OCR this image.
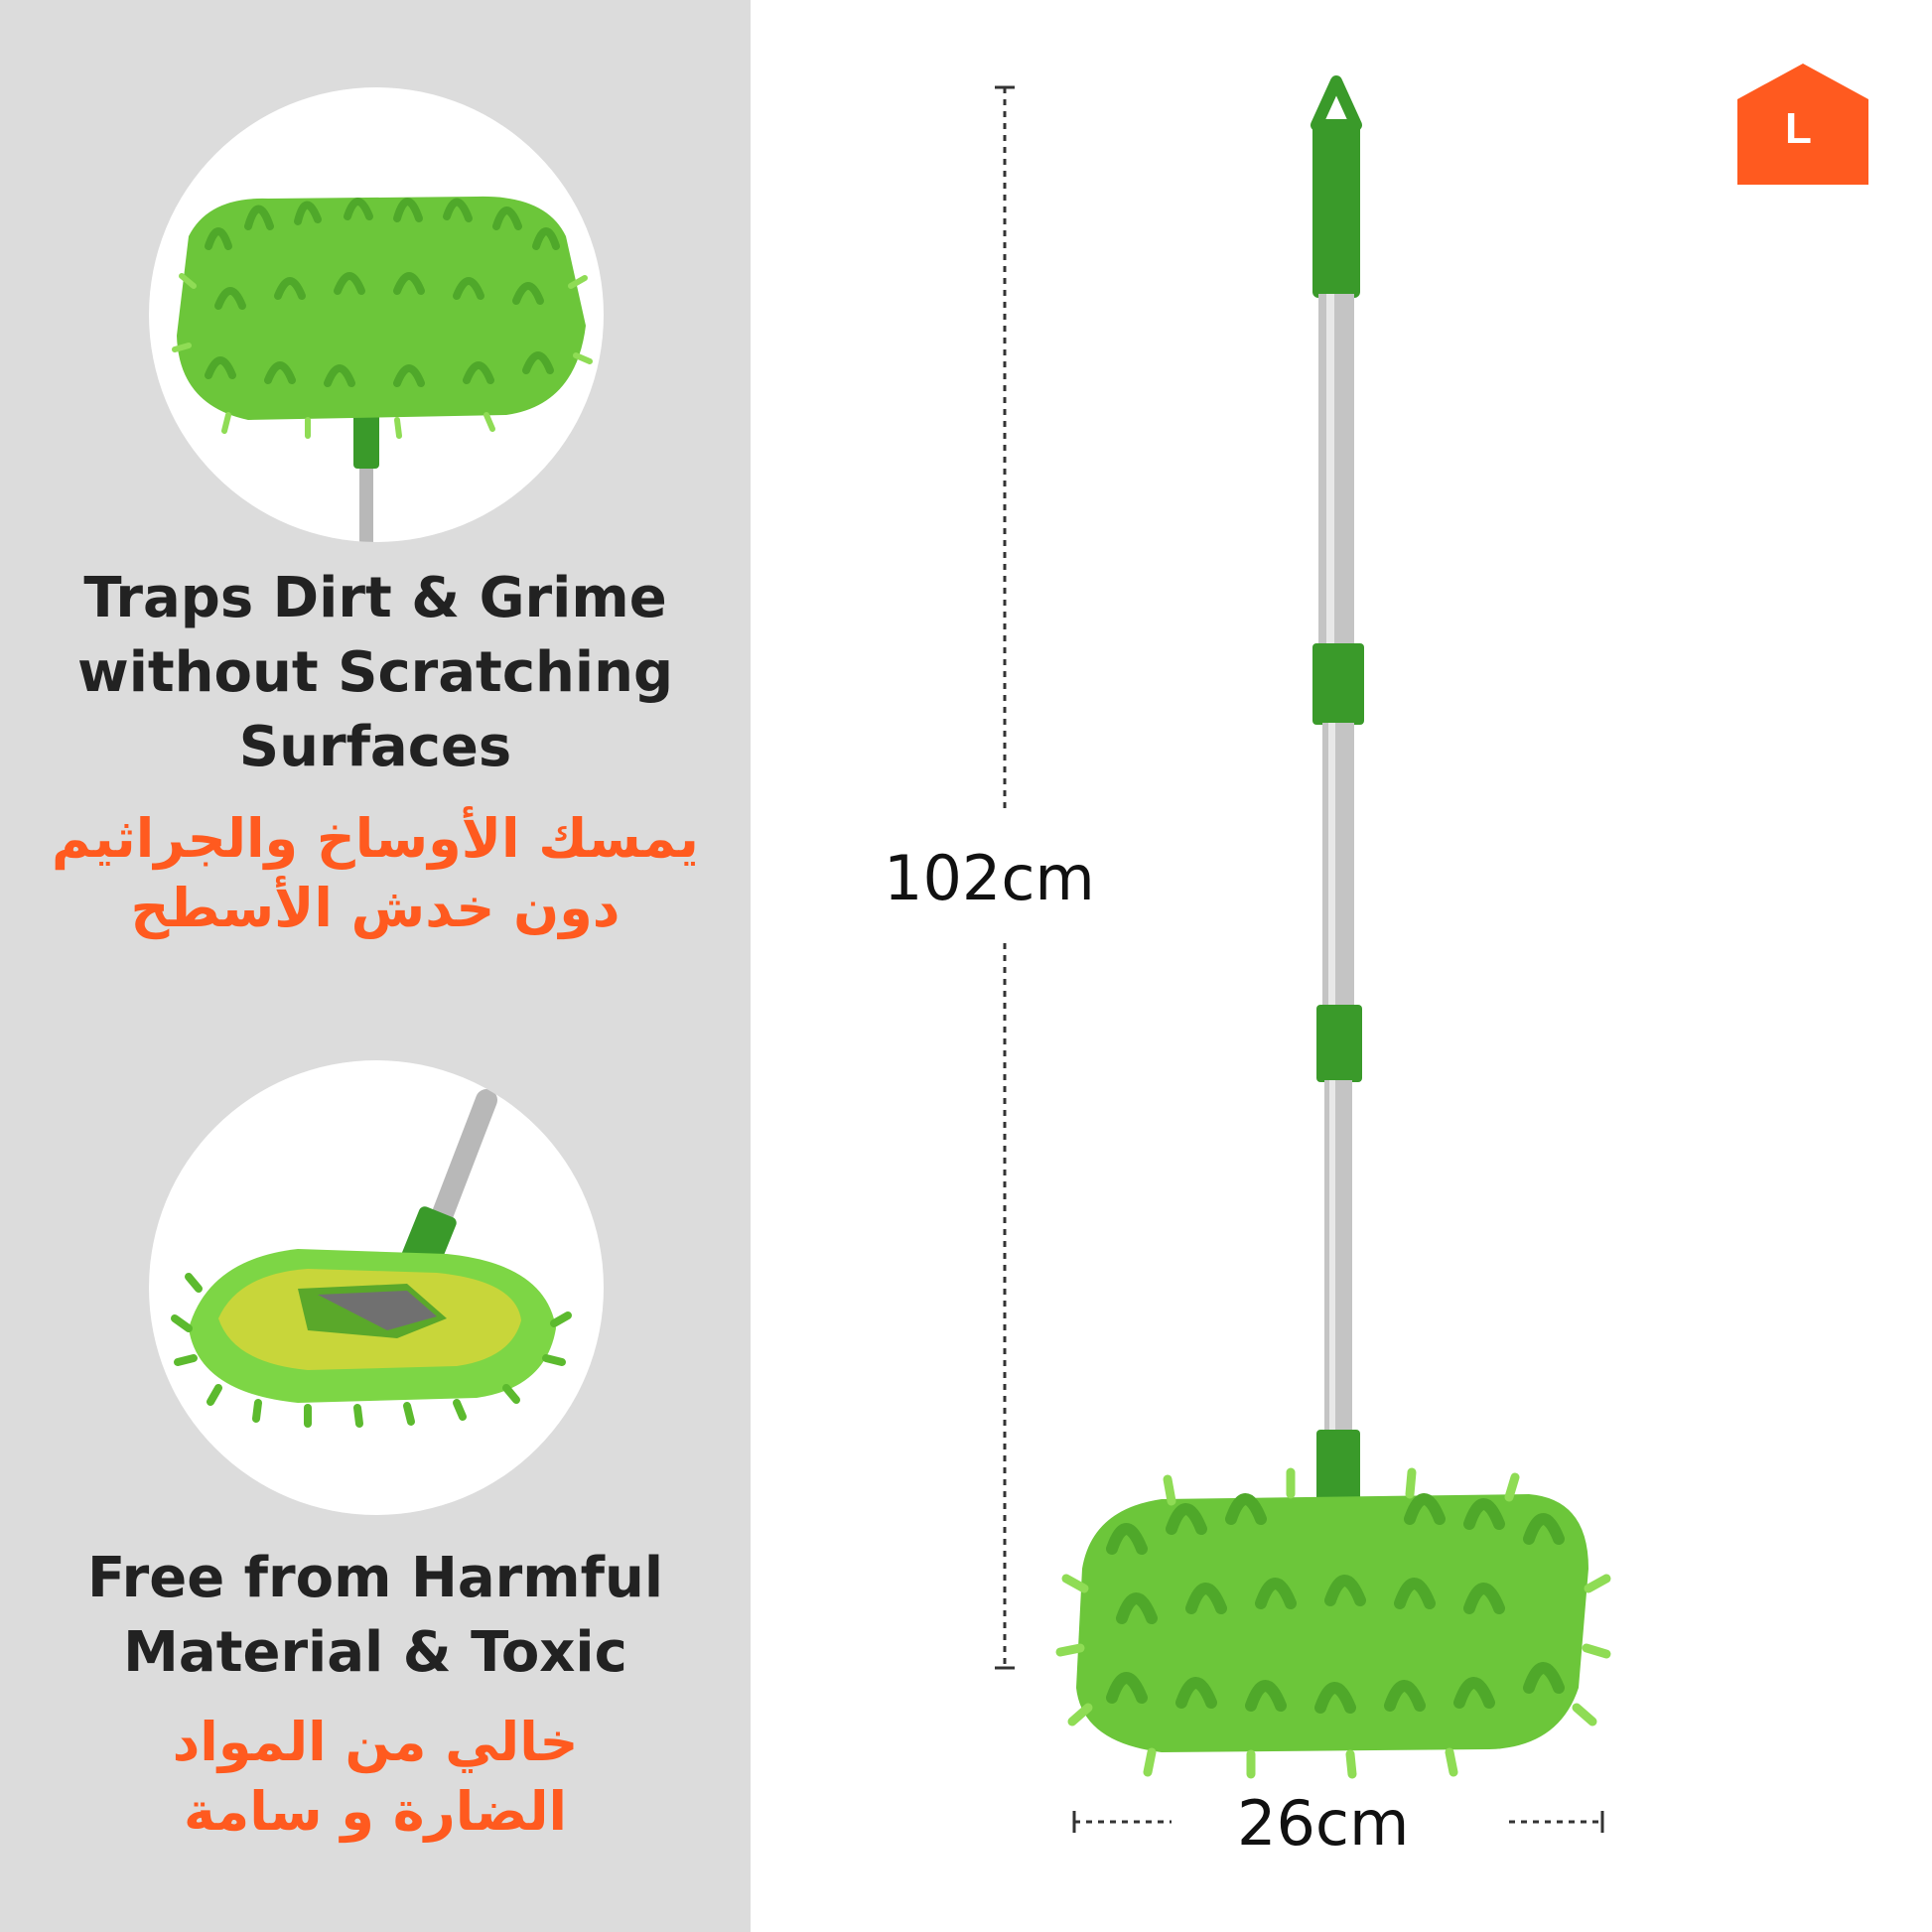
Traps Dirt & Grime
without Scratching
Surfaces
يمسك الأوساخ والجراثيم
دون خدش الأسطح
Free from Harmful
Material & Toxic
خالي من المواد
الضارة و سامة
102cm
26cm
L
